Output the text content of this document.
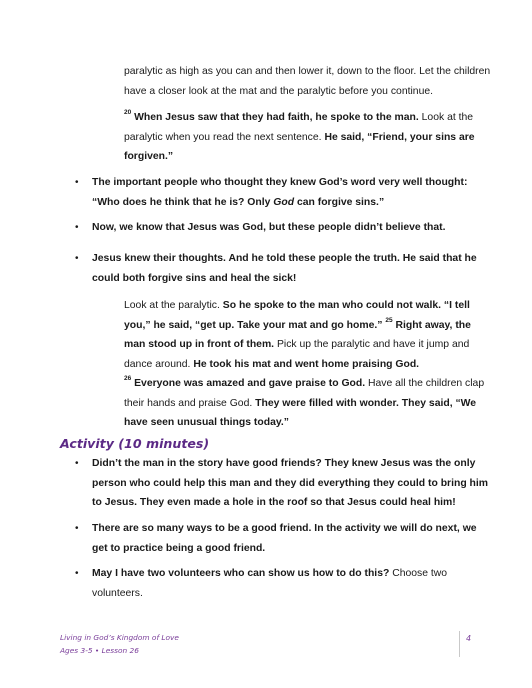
paralytic as high as you can and then lower it, down to the floor. Let the children have a closer look at the mat and the paralytic before you continue.

$^{20}$ When Jesus saw that they had faith, he spoke to the man. Look at the paralytic when you read the next sentence. He said, “Friend, your sins are forgiven.”

• The important people who thought they knew God’s word very well thought: “Who does he think that he is? Only God can forgive sins.”

• Now, we know that Jesus was God, but these people didn’t believe that.

• Jesus knew their thoughts. And he told these people the truth. He said that he could both forgive sins and heal the sick!

Look at the paralytic. So he spoke to the man who could not walk. “I tell you,” he said, “get up. Take your mat and go home.” $^{25}$ Right away, the man stood up in front of them. Pick up the paralytic and have it jump and dance around. He took his mat and went home praising God.

$^{26}$ Everyone was amazed and gave praise to God. Have all the children clap their hands and praise God. They were filled with wonder. They said, “We have seen unusual things today.”

Activity (10 minutes)
• Didn’t the man in the story have good friends? They knew Jesus was the only person who could help this man and they did everything they could to bring him to Jesus. They even made a hole in the roof so that Jesus could heal him!

• There are so many ways to be a good friend. In the activity we will do next, we get to practice being a good friend.

• May I have two volunteers who can show us how to do this? Choose two volunteers.

Living in God’s Kingdom of Love
Ages 3-5 • Lesson 26
4
